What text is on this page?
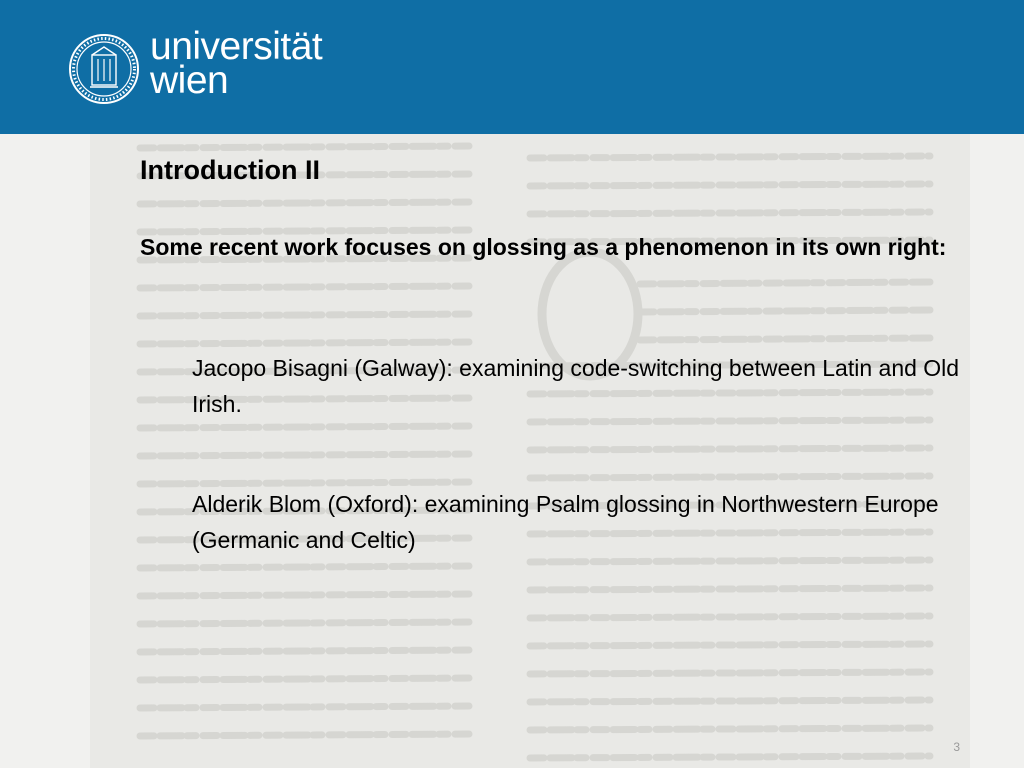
universität
wien
Introduction II
Some recent work focuses on glossing as a phenomenon in its own right:
Jacopo Bisagni (Galway): examining code-switching between Latin and Old Irish.
Alderik Blom (Oxford): examining Psalm glossing in Northwestern Europe (Germanic and Celtic)
3
